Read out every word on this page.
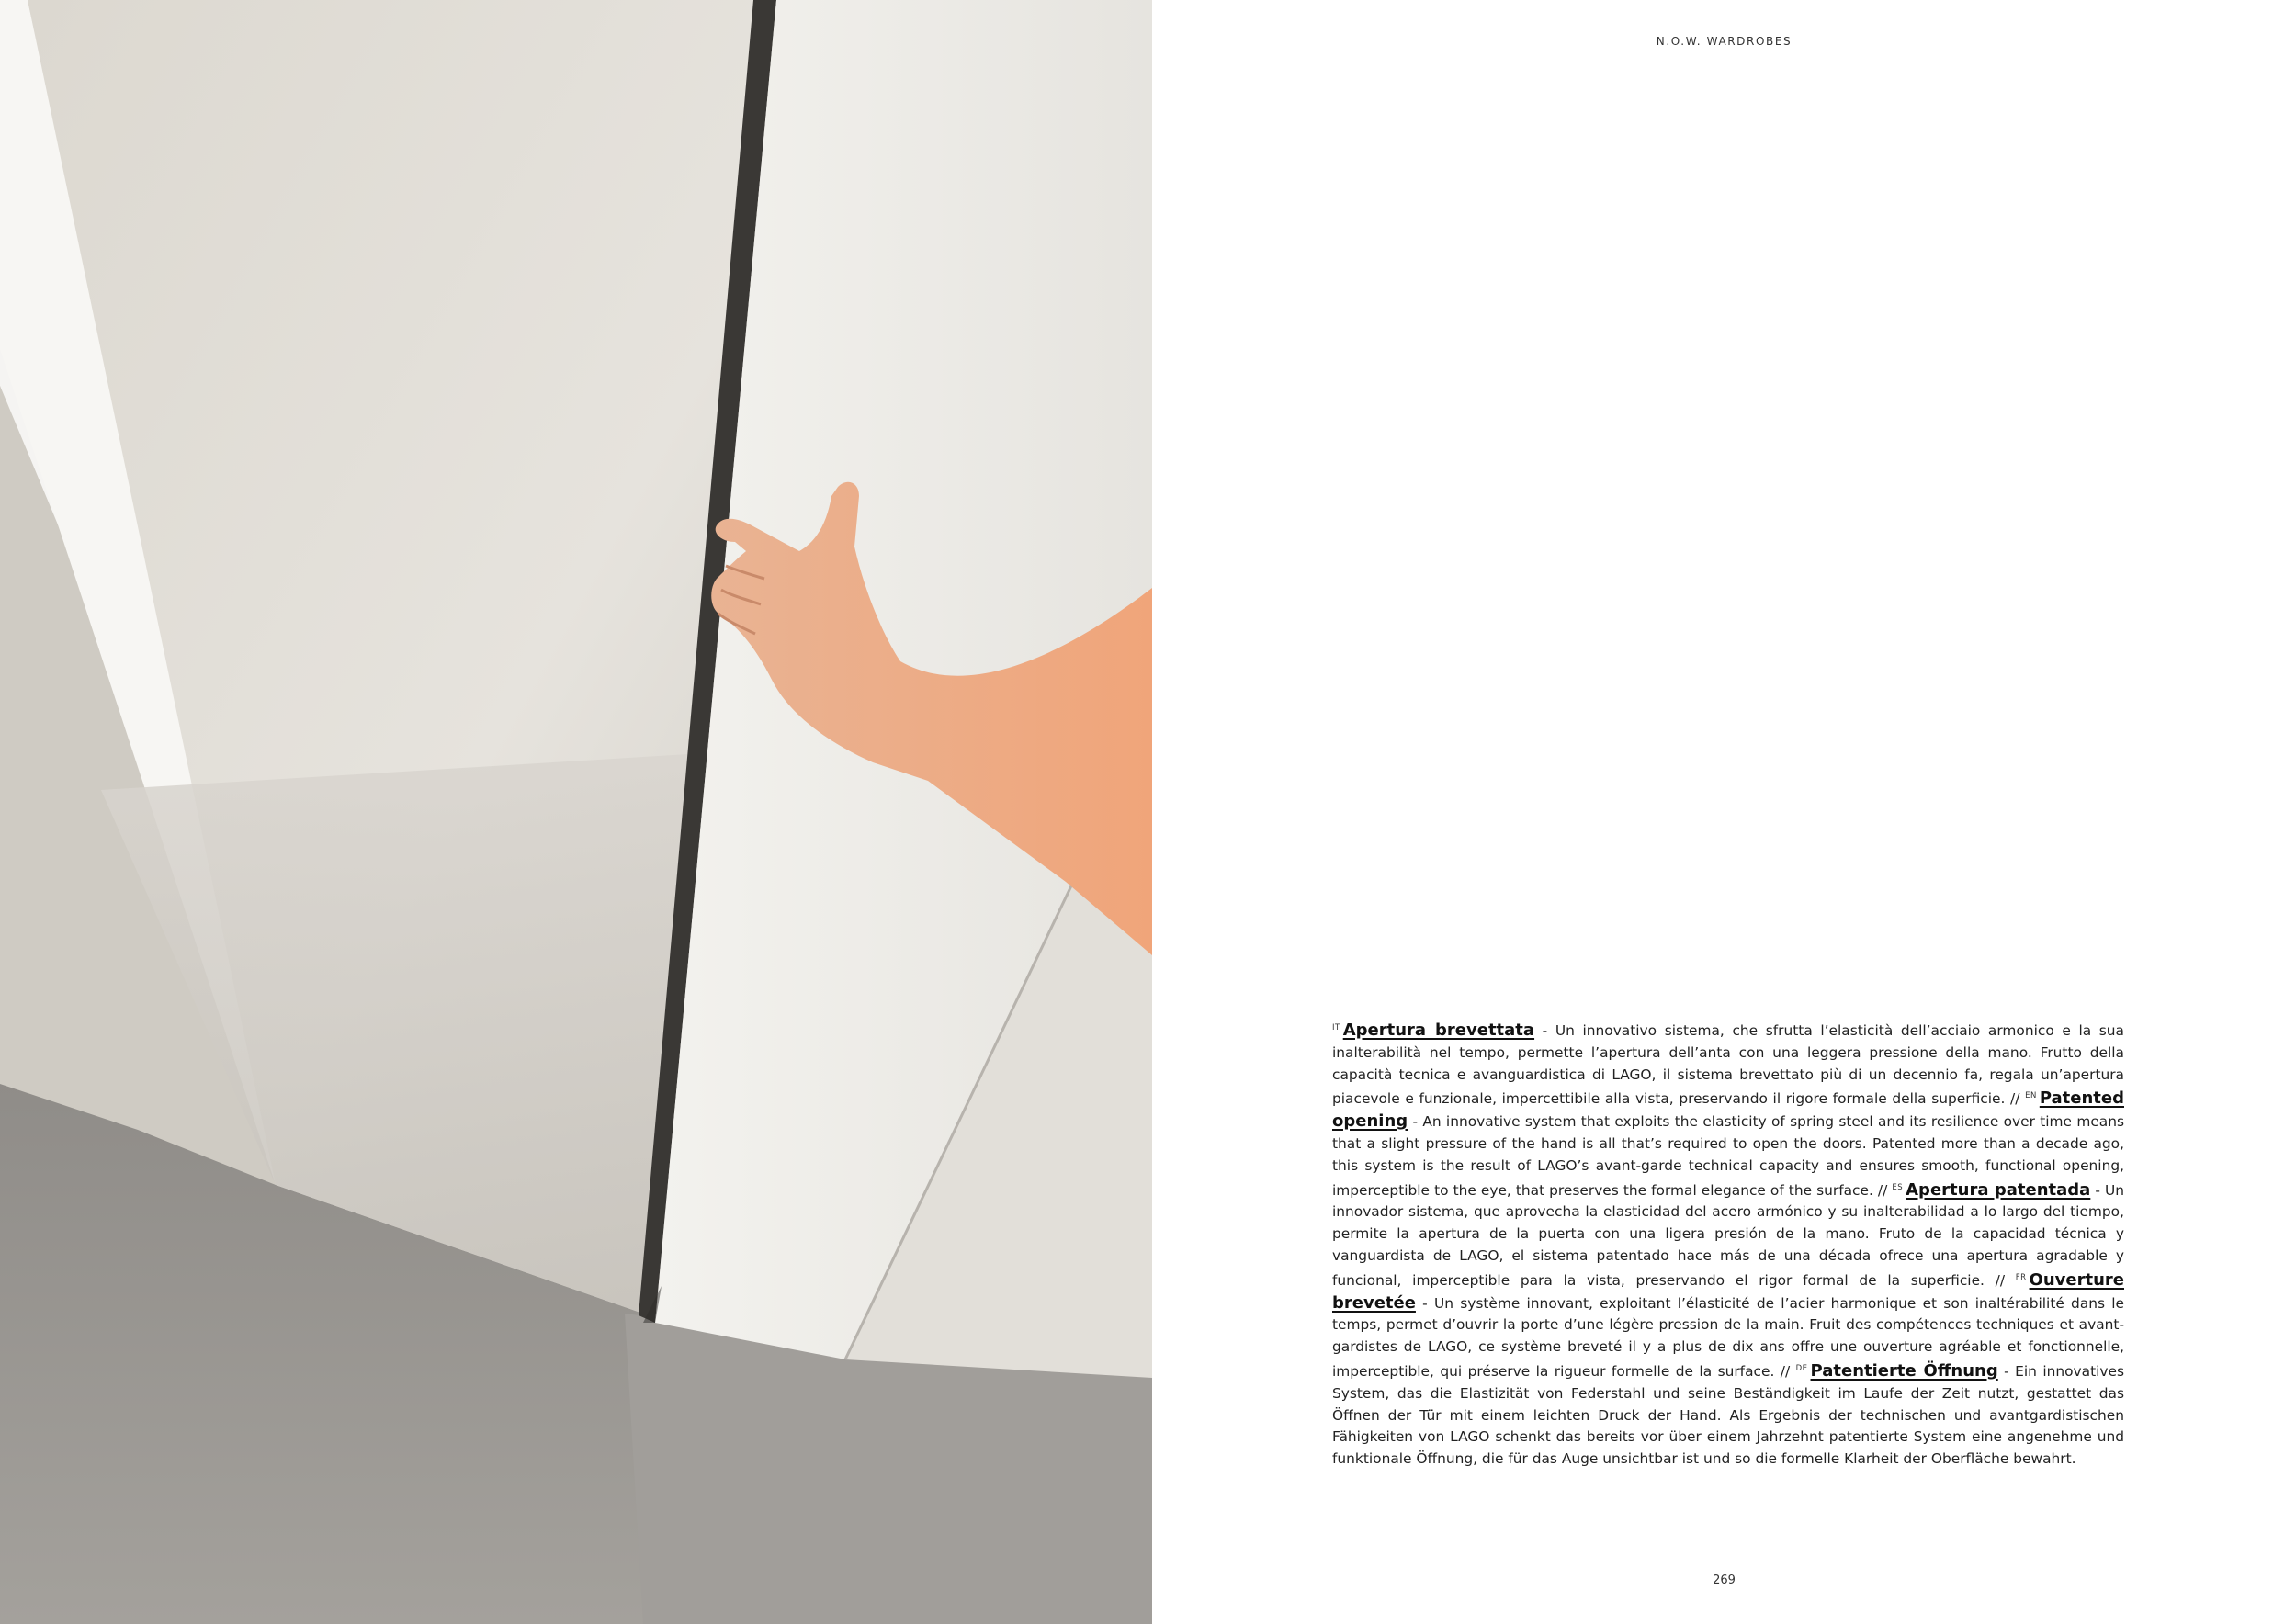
N.O.W. WARDROBES
$^{IT}$ Apertura brevettata - Un innovativo sistema, che sfrutta l’elasticità dell’acciaio armonico e la sua inalterabilità nel tempo, permette l’apertura dell’anta con una leggera pressione della mano. Frutto della capacità tecnica e avanguardistica di LAGO, il sistema brevettato più di un decennio fa, regala un’apertura piacevole e funzionale, impercettibile alla vista, preservando il rigore formale della superficie. // $^{EN}$ Patented opening - An innovative system that exploits the elasticity of spring steel and its resilience over time means that a slight pressure of the hand is all that’s required to open the doors. Patented more than a decade ago, this system is the result of LAGO’s avant-garde technical capacity and ensures smooth, functional opening, imperceptible to the eye, that preserves the formal elegance of the surface. // $^{ES}$ Apertura patentada - Un innovador sistema, que aprovecha la elasticidad del acero armónico y su inalterabilidad a lo largo del tiempo, permite la apertura de la puerta con una ligera presión de la mano. Fruto de la capacidad técnica y vanguardista de LAGO, el sistema patentado hace más de una década ofrece una apertura agradable y funcional, imperceptible para la vista, preservando el rigor formal de la superficie. // $^{FR}$ Ouverture brevetée - Un système innovant, exploitant l’élasticité de l’acier harmonique et son inaltérabilité dans le temps, permet d’ouvrir la porte d’une légère pression de la main. Fruit des compétences techniques et avant-gardistes de LAGO, ce système breveté il y a plus de dix ans offre une ouverture agréable et fonctionnelle, imperceptible, qui préserve la rigueur formelle de la surface. // $^{DE}$ Patentierte Öffnung - Ein innovatives System, das die Elastizität von Federstahl und seine Beständigkeit im Laufe der Zeit nutzt, gestattet das Öffnen der Tür mit einem leichten Druck der Hand. Als Ergebnis der technischen und avantgardistischen Fähigkeiten von LAGO schenkt das bereits vor über einem Jahrzehnt patentierte System eine angenehme und funktionale Öffnung, die für das Auge unsichtbar ist und so die formelle Klarheit der Oberfläche bewahrt.
269
